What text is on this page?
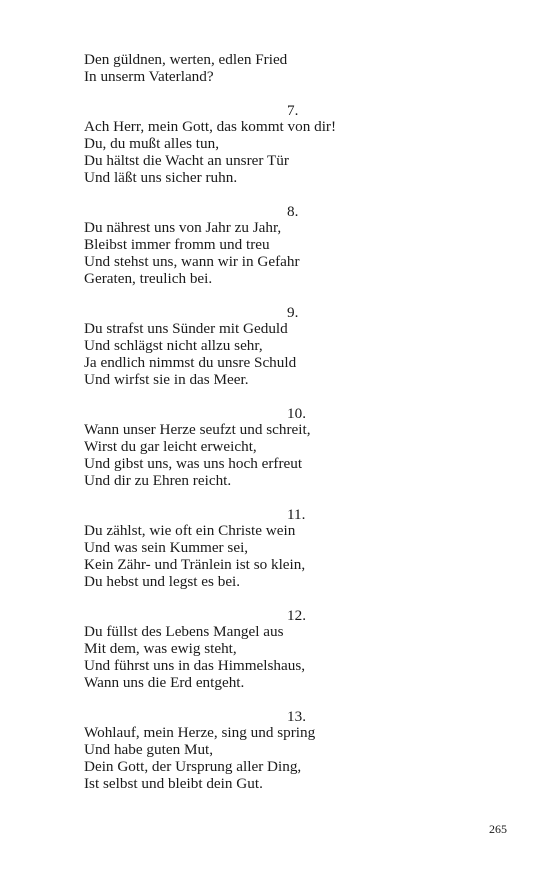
Den güldnen, werten, edlen Fried
In unserm Vaterland?
7.
Ach Herr, mein Gott, das kommt von dir!
Du, du mußt alles tun,
Du hältst die Wacht an unsrer Tür
Und läßt uns sicher ruhn.
8.
Du nährest uns von Jahr zu Jahr,
Bleibst immer fromm und treu
Und stehst uns, wann wir in Gefahr
Geraten, treulich bei.
9.
Du strafst uns Sünder mit Geduld
Und schlägst nicht allzu sehr,
Ja endlich nimmst du unsre Schuld
Und wirfst sie in das Meer.
10.
Wann unser Herze seufzt und schreit,
Wirst du gar leicht erweicht,
Und gibst uns, was uns hoch erfreut
Und dir zu Ehren reicht.
11.
Du zählst, wie oft ein Christe wein
Und was sein Kummer sei,
Kein Zähr- und Tränlein ist so klein,
Du hebst und legst es bei.
12.
Du füllst des Lebens Mangel aus
Mit dem, was ewig steht,
Und führst uns in das Himmelshaus,
Wann uns die Erd entgeht.
13.
Wohlauf, mein Herze, sing und spring
Und habe guten Mut,
Dein Gott, der Ursprung aller Ding,
Ist selbst und bleibt dein Gut.
265
